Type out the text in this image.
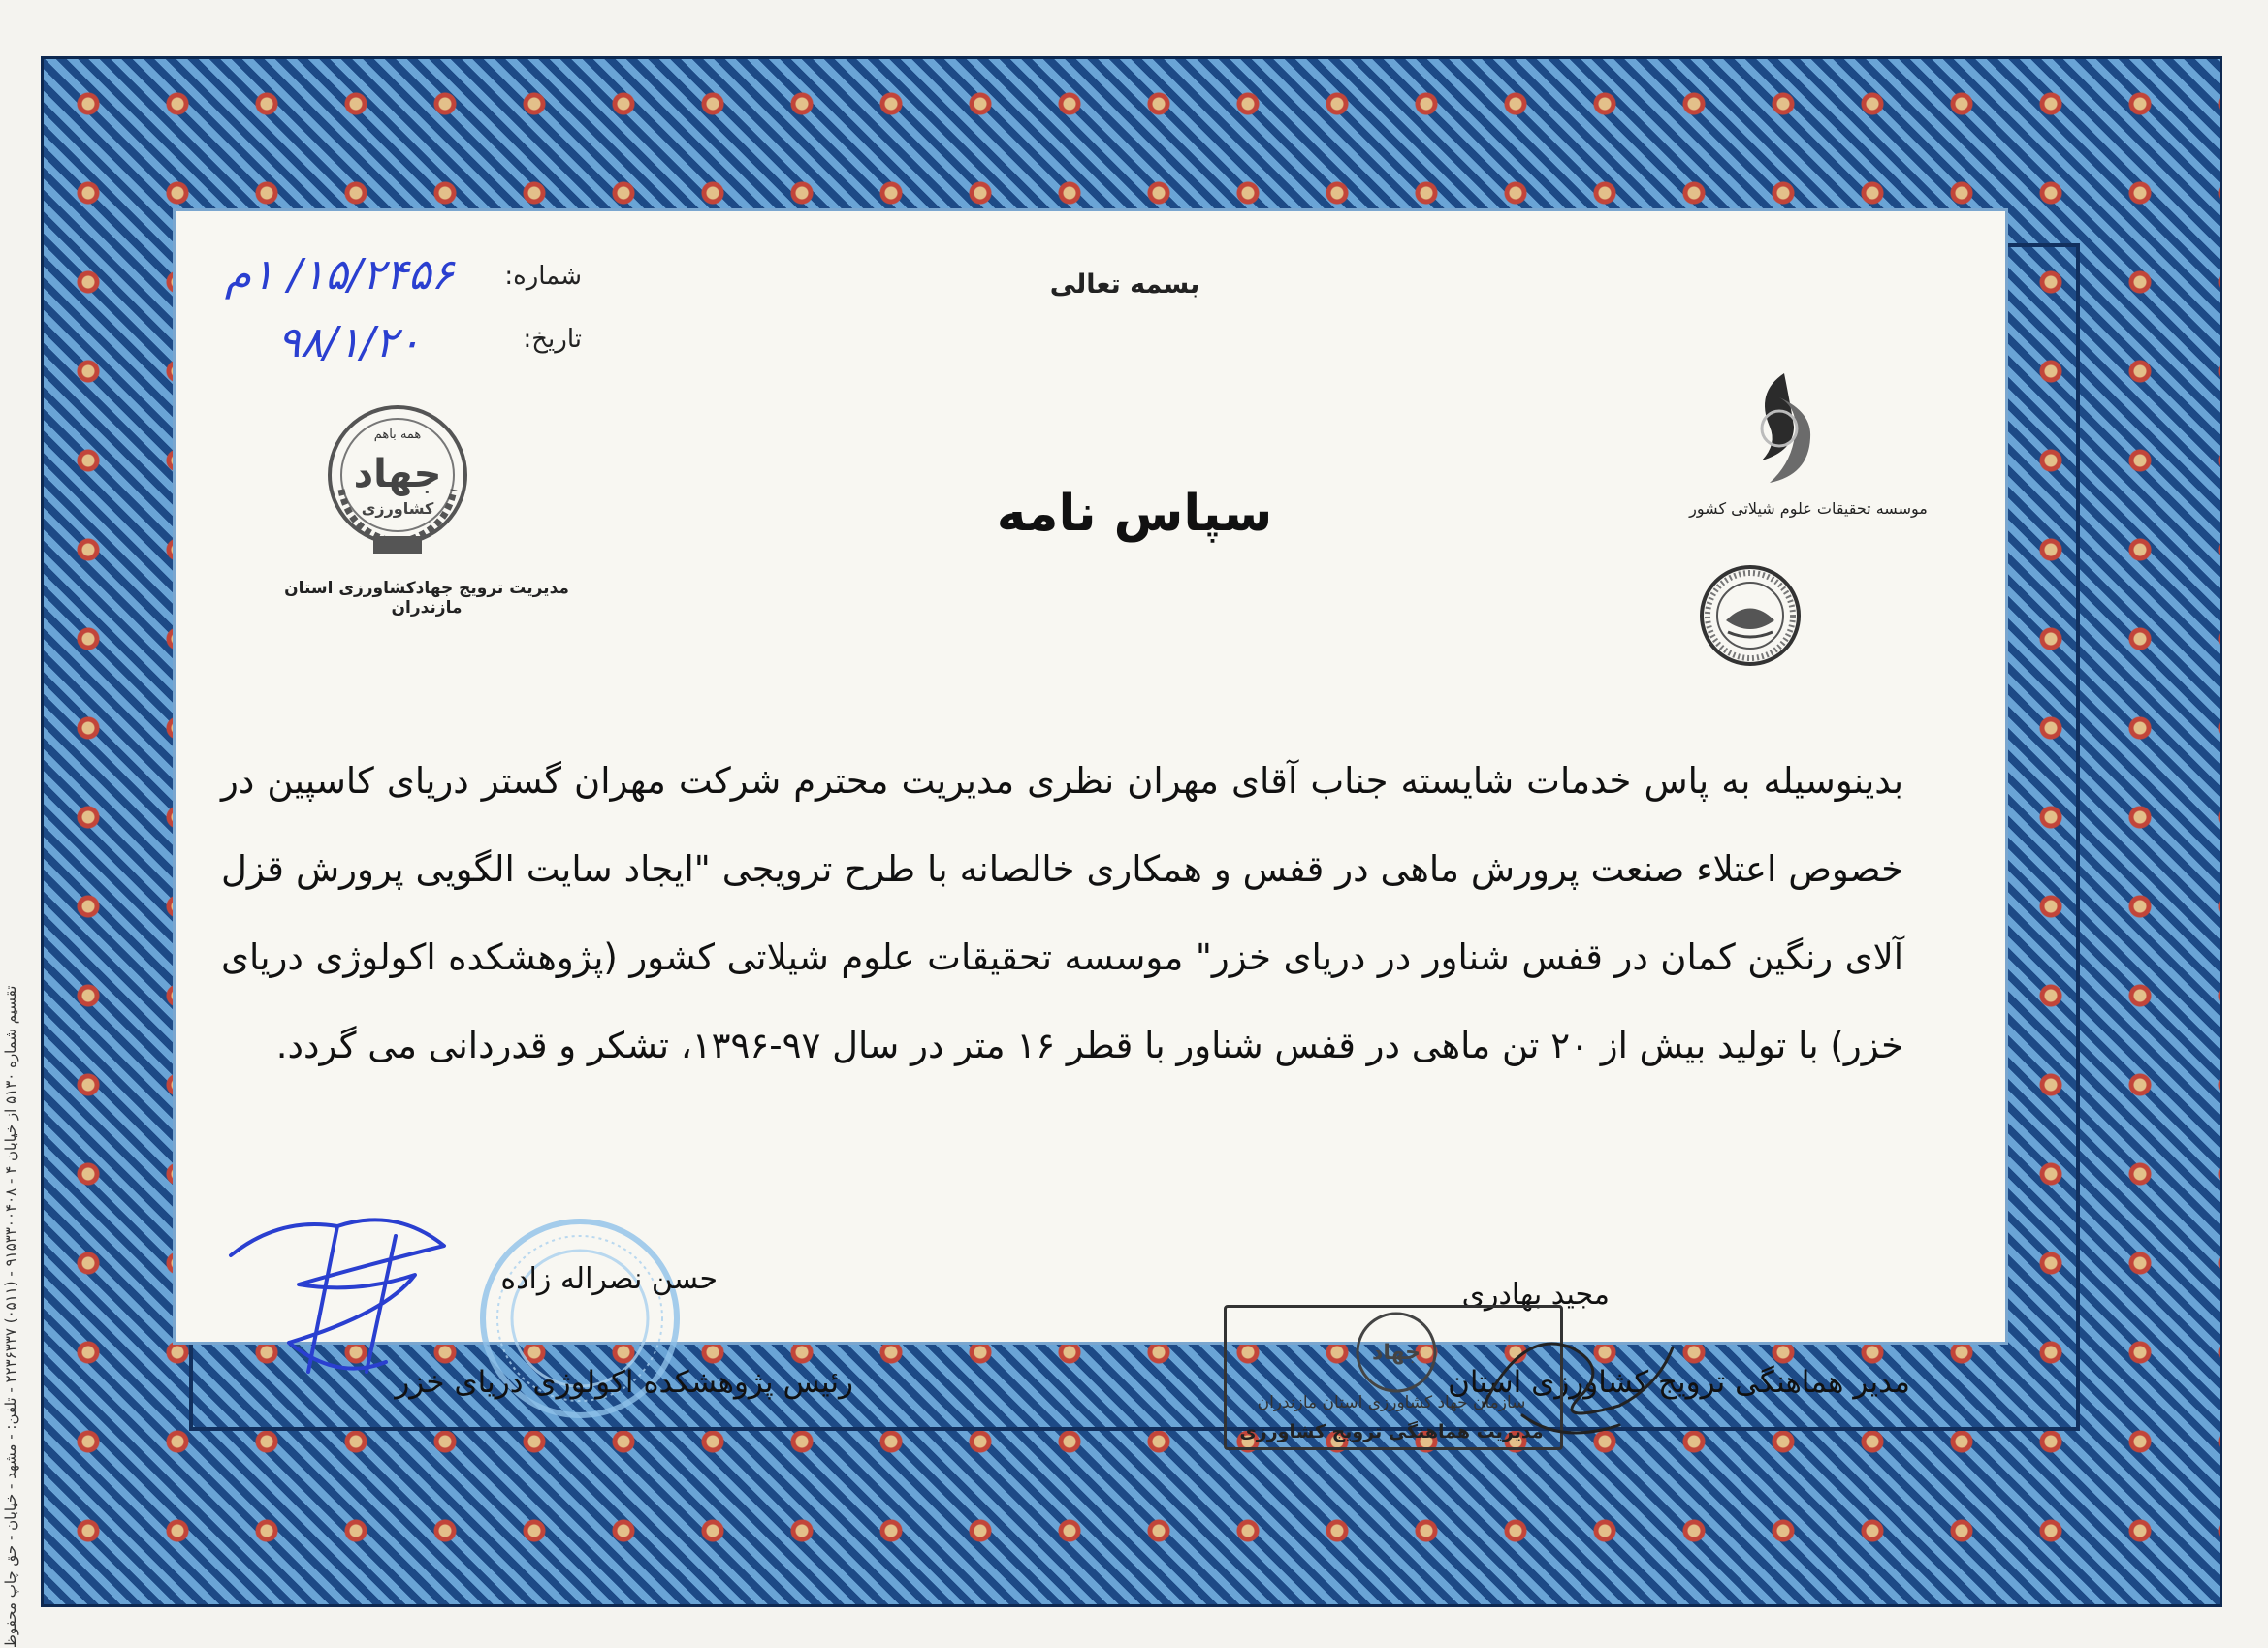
تقسیم شماره ۵۱۳۰ از خیابان ۴ - ۹۱۵۳۳۰۰۴۰۸ - (۰۵۱۱) ۲۲۳۶۳۳۷ - تلفن: - مشهد - خیابان - حق چاپ محفوظ
بسمه تعالی
شماره:
تاریخ:
۱۵/۲۴۵۶/ ۱م
۹۸/۱/۲۰
همه باهم
جهاد
کشاورزی
مدیریت ترویج جهادکشاورزی استان مازندران
موسسه تحقیقات علوم شیلاتی کشور
سپاس نامه
بدینوسیله به پاس خدمات شایسته جناب آقای مهران نظری مدیریت محترم شرکت مهران گستر دریای کاسپین در خصوص اعتلاء صنعت پرورش ماهی در قفس و همکاری خالصانه با طرح ترویجی "ایجاد سایت الگویی پرورش قزل آلای رنگین کمان در قفس شناور در دریای خزر" موسسه تحقیقات علوم شیلاتی کشور (پژوهشکده اکولوژی دریای خزر) با تولید بیش از ۲۰ تن ماهی در قفس شناور با قطر ۱۶ متر در سال ۹۷-۱۳۹۶، تشکر و قدردانی می گردد.
حسن نصراله زاده
رئیس پژوهشکده اکولوژی دریای خزر
مجید بهادری
مدیر هماهنگی ترویج کشاورزی استان
جهاد
سازمان جهاد کشاورزی استان مازندران
مدیریت هماهنگی ترویج کشاورزی
